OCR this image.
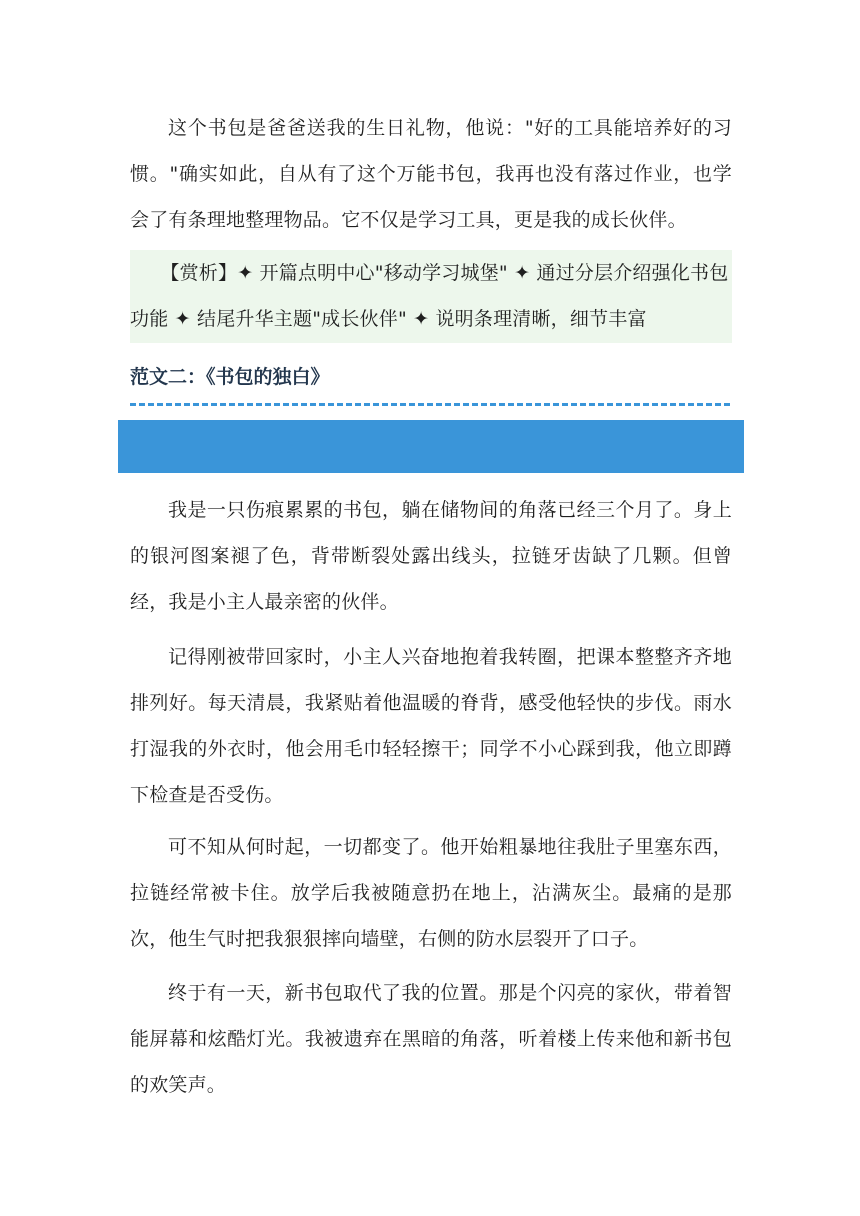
这个书包是爸爸送我的生日礼物，他说："好的工具能培养好的习惯。"确实如此，自从有了这个万能书包，我再也没有落过作业，也学会了有条理地整理物品。它不仅是学习工具，更是我的成长伙伴。

【赏析】✦ 开篇点明中心"移动学习城堡" ✦ 通过分层介绍强化书包功能 ✦ 结尾升华主题"成长伙伴" ✦ 说明条理清晰，细节丰富

范文二：《书包的独白》

我是一只伤痕累累的书包，躺在储物间的角落已经三个月了。身上的银河图案褪了色，背带断裂处露出线头，拉链牙齿缺了几颗。但曾经，我是小主人最亲密的伙伴。

记得刚被带回家时，小主人兴奋地抱着我转圈，把课本整整齐齐地排列好。每天清晨，我紧贴着他温暖的脊背，感受他轻快的步伐。雨水打湿我的外衣时，他会用毛巾轻轻擦干；同学不小心踩到我，他立即蹲下检查是否受伤。

可不知从何时起，一切都变了。他开始粗暴地往我肚子里塞东西，拉链经常被卡住。放学后我被随意扔在地上，沾满灰尘。最痛的是那次，他生气时把我狠狠摔向墙壁，右侧的防水层裂开了口子。

终于有一天，新书包取代了我的位置。那是个闪亮的家伙，带着智能屏幕和炫酷灯光。我被遗弃在黑暗的角落，听着楼上传来他和新书包的欢笑声。
